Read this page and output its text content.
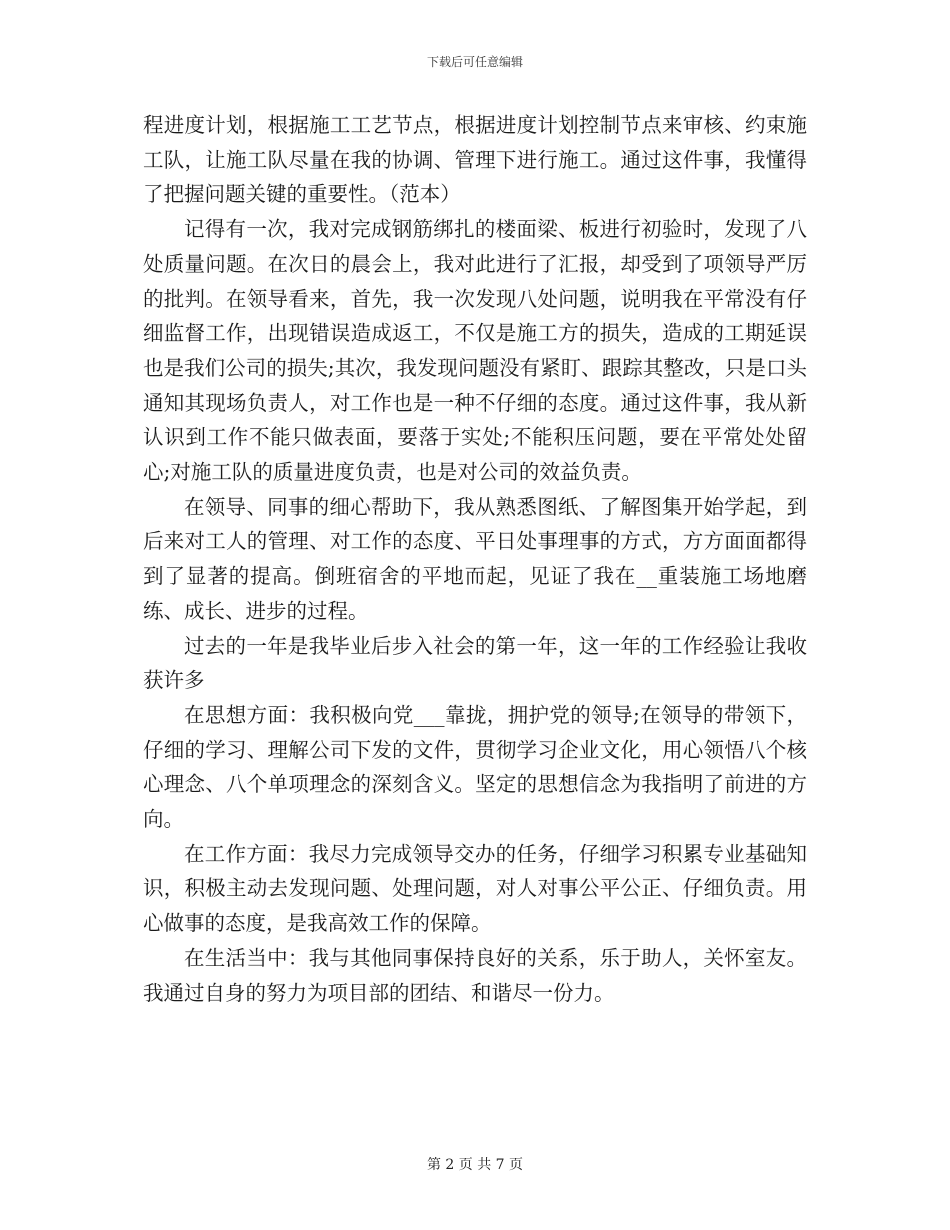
下载后可任意编辑

程进度计划，根据施工工艺节点，根据进度计划控制节点来审核、约束施工队，让施工队尽量在我的协调、管理下进行施工。通过这件事，我懂得了把握问题关键的重要性。（范本）

记得有一次，我对完成钢筋绑扎的楼面梁、板进行初验时，发现了八处质量问题。在次日的晨会上，我对此进行了汇报，却受到了项领导严厉的批判。在领导看来，首先，我一次发现八处问题，说明我在平常没有仔细监督工作，出现错误造成返工，不仅是施工方的损失，造成的工期延误也是我们公司的损失;其次，我发现问题没有紧盯、跟踪其整改，只是口头通知其现场负责人，对工作也是一种不仔细的态度。通过这件事，我从新认识到工作不能只做表面，要落于实处;不能积压问题，要在平常处处留心;对施工队的质量进度负责，也是对公司的效益负责。

在领导、同事的细心帮助下，我从熟悉图纸、了解图集开始学起，到后来对工人的管理、对工作的态度、平日处事理事的方式，方方面面都得到了显著的提高。倒班宿舍的平地而起，见证了我在__重装施工场地磨练、成长、进步的过程。

过去的一年是我毕业后步入社会的第一年，这一年的工作经验让我收获许多

在思想方面：我积极向党___靠拢，拥护党的领导;在领导的带领下，仔细的学习、理解公司下发的文件，贯彻学习企业文化，用心领悟八个核心理念、八个单项理念的深刻含义。坚定的思想信念为我指明了前进的方向。

在工作方面：我尽力完成领导交办的任务，仔细学习积累专业基础知识，积极主动去发现问题、处理问题，对人对事公平公正、仔细负责。用心做事的态度，是我高效工作的保障。

在生活当中：我与其他同事保持良好的关系，乐于助人，关怀室友。我通过自身的努力为项目部的团结、和谐尽一份力。

第 2 页 共 7 页
